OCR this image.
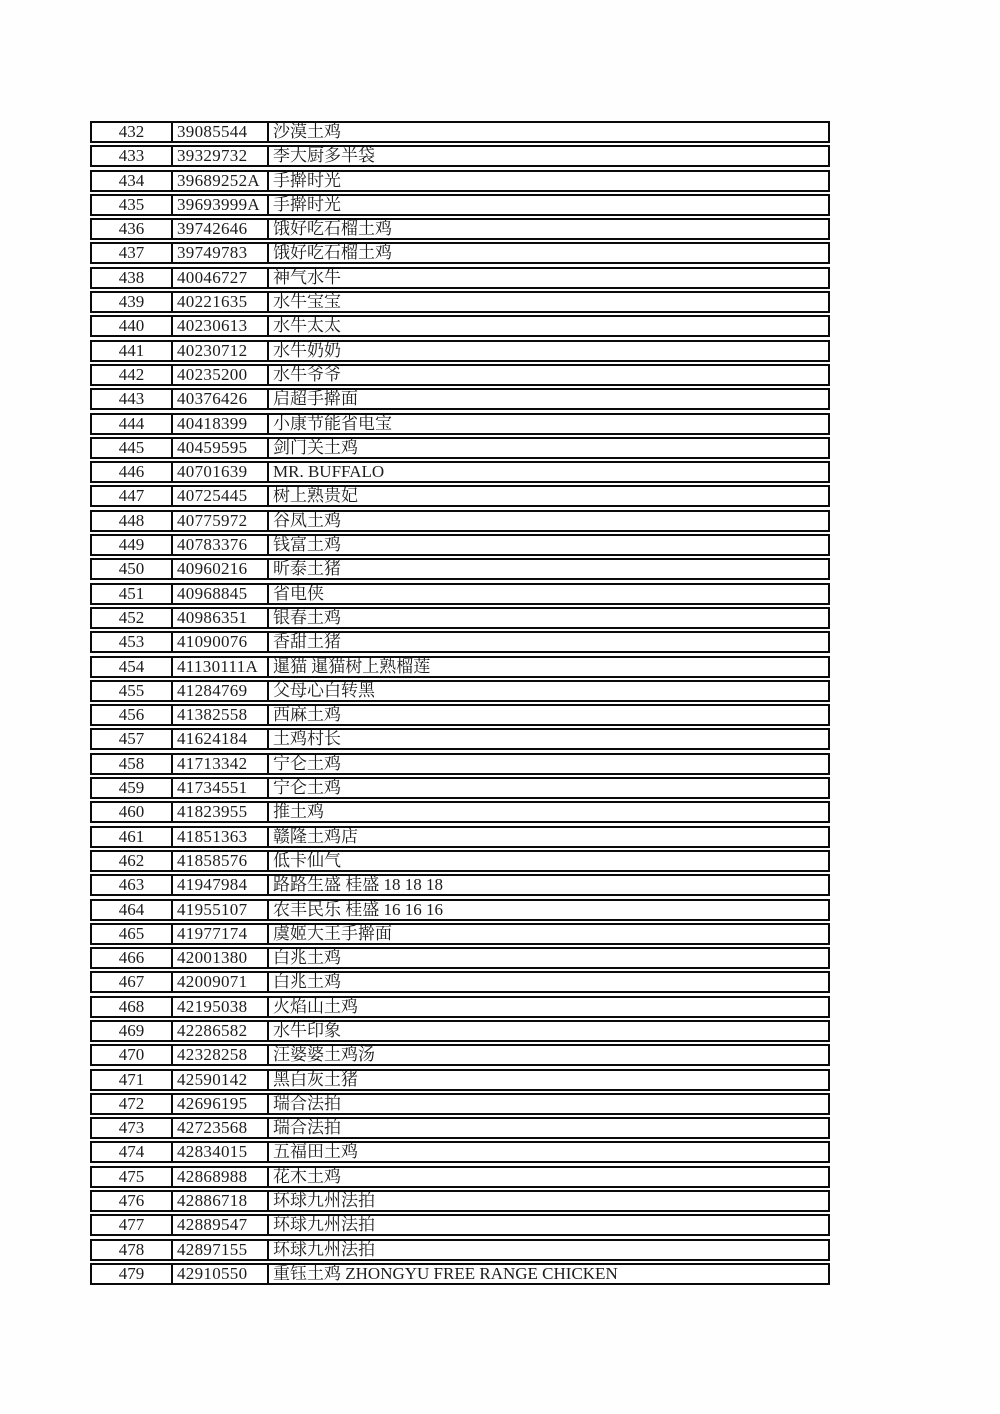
432	39085544	沙漠土鸡
433	39329732	李大厨多半袋
434	39689252A 手擀时光
435	39693999A 手擀时光
436	39742646	饿好吃石榴土鸡
437	39749783	饿好吃石榴土鸡
438	40046727	神气水牛
439	40221635	水牛宝宝
440	40230613	水牛太太
441	40230712	水牛奶奶
442	40235200	水牛爷爷
443	40376426	启超手擀面
444	40418399	小康节能省电宝
445	40459595	剑门关土鸡
446	40701639	MR. BUFFALO
447	40725445	树上熟贵妃
448	40775972	谷凤土鸡
449	40783376	钱富土鸡
450	40960216	昕泰土猪
451	40968845	省电侠
452	40986351	银春土鸡
453	41090076	香甜土猪
454	41130111A 暹猫 暹猫树上熟榴莲
455	41284769	父母心白转黑
456	41382558	西麻土鸡
457	41624184	土鸡村长
458	41713342	宁仑土鸡
459	41734551	宁仑土鸡
460	41823955	推土鸡
461	41851363	赣隆土鸡店
462	41858576	低卡仙气
463	41947984	路路生盛 桂盛 18 18 18
464	41955107	农丰民乐 桂盛 16 16 16
465	41977174	虞姬大王手擀面
466	42001380	白兆土鸡
467	42009071	白兆土鸡
468	42195038	火焰山土鸡
469	42286582	水牛印象
470	42328258	汪婆婆土鸡汤
471	42590142	黑白灰土猪
472	42696195	瑞合法拍
473	42723568	瑞合法拍
474	42834015	五福田土鸡
475	42868988	花木土鸡
476	42886718	环球九州法拍
477	42889547	环球九州法拍
478	42897155	环球九州法拍
479	42910550	重钰土鸡 ZHONGYU FREE RANGE CHICKEN
